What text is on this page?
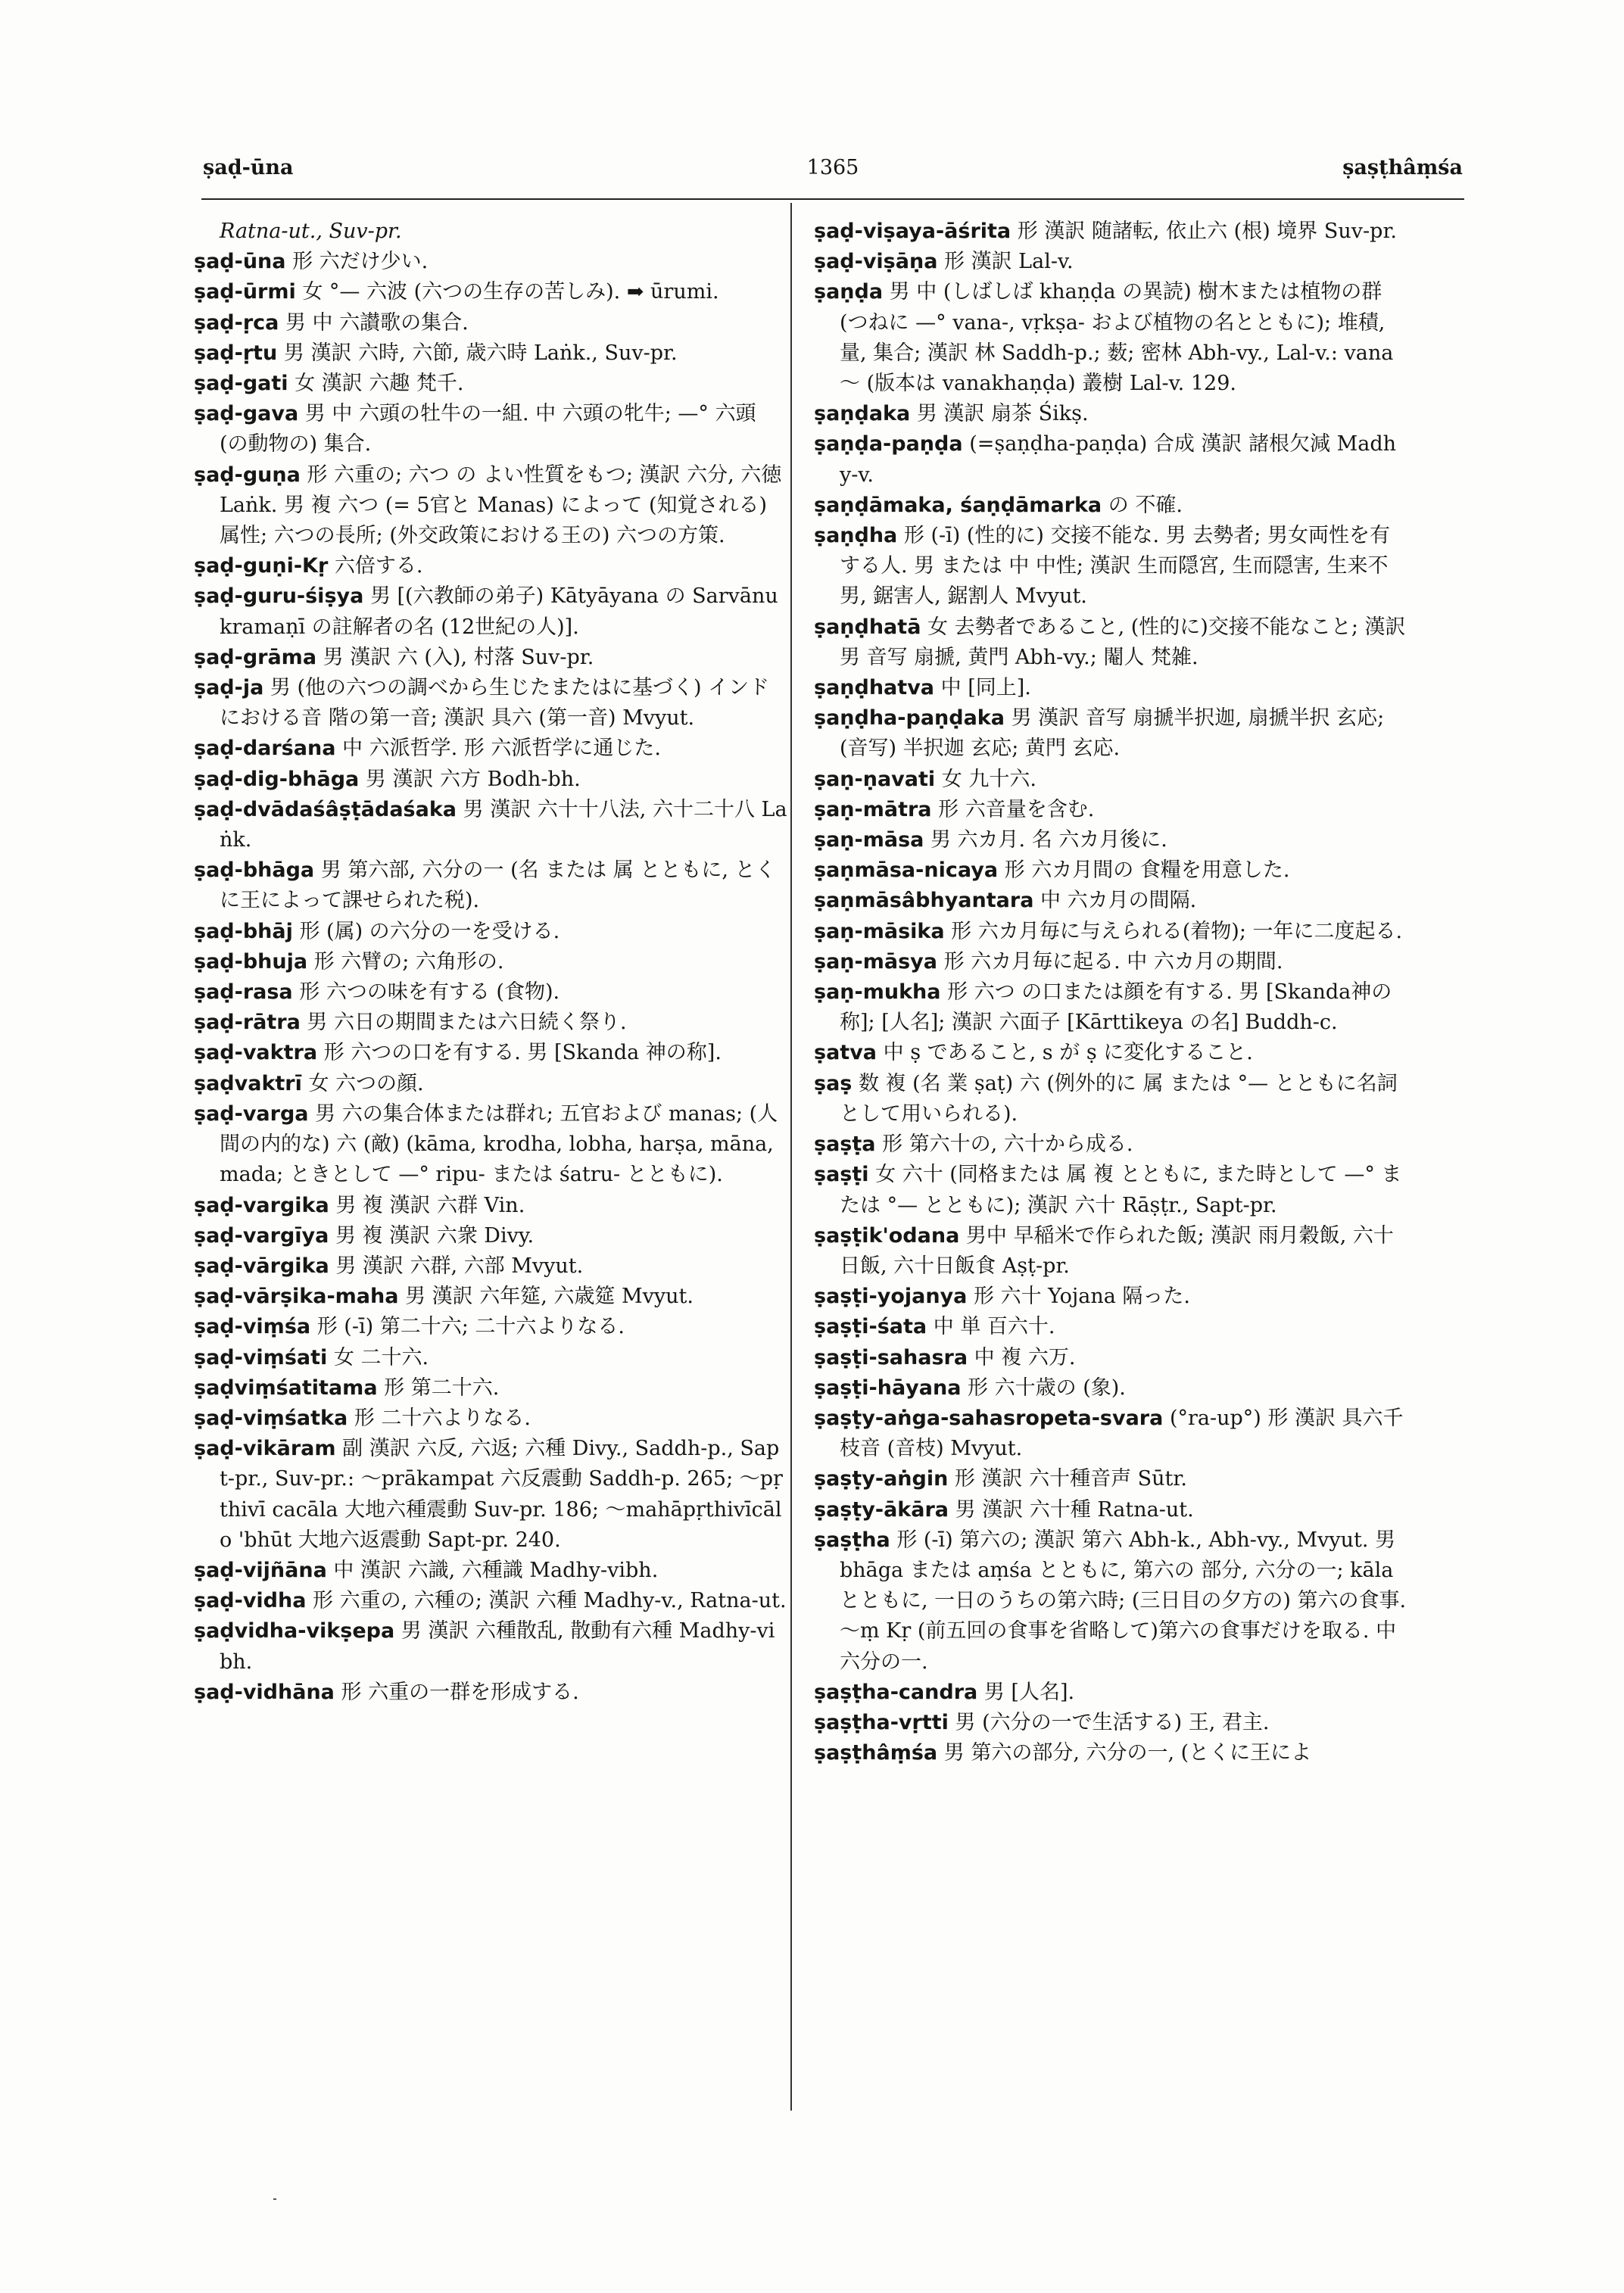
ṣaḍ-ūna	1365	ṣaṣṭhâṃśa

Ratna-ut., Suv-pr.

ṣaḍ-ūna 形 六だけ少い.

ṣaḍ-ūrmi 女 °— 六波 (六つの生存の苦しみ). ➡ ūrumi.

ṣaḍ-ṛca 男 中 六讃歌の集合.

ṣaḍ-ṛtu 男 漢訳 六時, 六節, 歳六時 Laṅk., Suv-pr.

ṣaḍ-gati 女 漢訳 六趣 梵千.

ṣaḍ-gava 男 中 六頭の牡牛の一組. 中 六頭の牝牛; —° 六頭 (の動物の) 集合.

ṣaḍ-guṇa 形 六重の; 六つ の よい性質をもつ; 漢訳 六分, 六徳 Laṅk. 男 複 六つ (= 5官と Manas) によって (知覚される)属性; 六つの長所; (外交政策における王の) 六つの方策.

ṣaḍ-guṇi-Kṛ 六倍する.

ṣaḍ-guru-śiṣya 男 [(六教師の弟子) Kātyāyana の Sarvānukramaṇī の註解者の名 (12世紀の人)].

ṣaḍ-grāma 男 漢訳 六 (入), 村落 Suv-pr.

ṣaḍ-ja 男 (他の六つの調べから生じたまたはに基づく) インドにおける音 階の第一音; 漢訳 具六 (第一音) Mvyut.

ṣaḍ-darśana 中 六派哲学. 形 六派哲学に通じた.

ṣaḍ-dig-bhāga 男 漢訳 六方 Bodh-bh.

ṣaḍ-dvādaśâṣṭādaśaka 男 漢訳 六十十八法, 六十二十八 Laṅk.

ṣaḍ-bhāga 男 第六部, 六分の一 (名 または 属 とともに, とくに王によって課せられた税).

ṣaḍ-bhāj 形 (属) の六分の一を受ける.

ṣaḍ-bhuja 形 六臂の; 六角形の.

ṣaḍ-rasa 形 六つの味を有する (食物).

ṣaḍ-rātra 男 六日の期間または六日続く祭り.

ṣaḍ-vaktra 形 六つの口を有する. 男 [Skanda 神の称].

ṣaḍvaktrī 女 六つの顔.

ṣaḍ-varga 男 六の集合体または群れ; 五官および manas; (人間の内的な) 六 (敵) (kāma, krodha, lobha, harṣa, māna, mada; ときとして —° ripu- または śatru- とともに).

ṣaḍ-vargika 男 複 漢訳 六群 Vin.

ṣaḍ-vargīya 男 複 漢訳 六衆 Divy.

ṣaḍ-vārgika 男 漢訳 六群, 六部 Mvyut.

ṣaḍ-vārṣika-maha 男 漢訳 六年筵, 六歳筵 Mvyut.

ṣaḍ-viṃśa 形 (-ī) 第二十六; 二十六よりなる.

ṣaḍ-viṃśati 女 二十六.

ṣaḍviṃśatitama 形 第二十六.

ṣaḍ-viṃśatka 形 二十六よりなる.

ṣaḍ-vikāram 副 漢訳 六反, 六返; 六種 Divy., Saddh-p., Sapt-pr., Suv-pr.: ～prākampat 六反震動 Saddh-p. 265; ～pṛthivī cacāla 大地六種震動 Suv-pr. 186; ～mahāpṛthivīcālo 'bhūt 大地六返震動 Sapt-pr. 240.

ṣaḍ-vijñāna 中 漢訳 六識, 六種識 Madhy-vibh.

ṣaḍ-vidha 形 六重の, 六種の; 漢訳 六種 Madhy-v., Ratna-ut.

ṣaḍvidha-vikṣepa 男 漢訳 六種散乱, 散動有六種 Madhy-vibh.

ṣaḍ-vidhāna 形 六重の一群を形成する.

ṣaḍ-viṣaya-āśrita 形 漢訳 随諸転, 依止六 (根) 境界 Suv-pr.

ṣaḍ-viṣāṇa 形 漢訳 Lal-v.

ṣaṇḍa 男 中 (しばしば khaṇḍa の異読) 樹木または植物の群 (つねに —° vana-, vṛkṣa- および植物の名とともに); 堆積, 量, 集合; 漢訳 林 Saddh-p.; 薮; 密林 Abh-vy., Lal-v.: vana～ (版本は vanakhaṇḍa) 叢樹 Lal-v. 129.

ṣaṇḍaka 男 漢訳 扇茶 Śikṣ.

ṣaṇḍa-paṇḍa (=ṣaṇḍha-paṇḍa) 合成 漢訳 諸根欠減 Madhy-v.

ṣaṇḍāmaka, śaṇḍāmarka の 不確.

ṣaṇḍha 形 (-ī) (性的に) 交接不能な. 男 去勢者; 男女両性を有する人. 男 または 中 中性; 漢訳 生而隠宮, 生而隠害, 生来不男, 鋸害人, 鋸割人 Mvyut.

ṣaṇḍhatā 女 去勢者であること, (性的に)交接不能なこと; 漢訳 男 音写 扇搋, 黄門 Abh-vy.; 閹人 梵雑.

ṣaṇḍhatva 中 [同上].

ṣaṇḍha-paṇḍaka 男 漢訳 音写 扇搋半択迦, 扇搋半択 玄応; (音写) 半択迦 玄応; 黄門 玄応.

ṣaṇ-ṇavati 女 九十六.

ṣaṇ-mātra 形 六音量を含む.

ṣaṇ-māsa 男 六カ月. 名 六カ月後に.

ṣaṇmāsa-nicaya 形 六カ月間の 食糧を用意した.

ṣaṇmāsâbhyantara 中 六カ月の間隔.

ṣaṇ-māsika 形 六カ月毎に与えられる(着物); 一年に二度起る.

ṣaṇ-māsya 形 六カ月毎に起る. 中 六カ月の期間.

ṣaṇ-mukha 形 六つ の口または顔を有する. 男 [Skanda神の称]; [人名]; 漢訳 六面子 [Kārttikeya の名] Buddh-c.

ṣatva 中 ṣ であること, s が ṣ に変化すること.

ṣaṣ 数 複 (名 業 ṣaṭ) 六 (例外的に 属 または °— とともに名詞として用いられる).

ṣaṣṭa 形 第六十の, 六十から成る.

ṣaṣṭi 女 六十 (同格または 属 複 とともに, また時として —° または °— とともに); 漢訳 六十 Rāṣṭr., Sapt-pr.

ṣaṣṭik'odana 男中 早稲米で作られた飯; 漢訳 雨月穀飯, 六十日飯, 六十日飯食 Aṣṭ-pr.

ṣaṣṭi-yojanya 形 六十 Yojana 隔った.

ṣaṣṭi-śata 中 単 百六十.

ṣaṣṭi-sahasra 中 複 六万.

ṣaṣṭi-hāyana 形 六十歳の (象).

ṣaṣṭy-aṅga-sahasropeta-svara (°ra-up°) 形 漢訳 具六千枝音 (音枝) Mvyut.

ṣaṣṭy-aṅgin 形 漢訳 六十種音声 Sūtr.

ṣaṣṭy-ākāra 男 漢訳 六十種 Ratna-ut.

ṣaṣṭha 形 (-ī) 第六の; 漢訳 第六 Abh-k., Abh-vy., Mvyut. 男 bhāga または aṃśa とともに, 第六の 部分, 六分の一; kāla とともに, 一日のうちの第六時; (三日目の夕方の) 第六の食事. ～ṃ Kṛ (前五回の食事を省略して)第六の食事だけを取る. 中 六分の一.

ṣaṣṭha-candra 男 [人名].

ṣaṣṭha-vṛtti 男 (六分の一で生活する) 王, 君主.

ṣaṣṭhâṃśa 男 第六の部分, 六分の一, (とくに王によ
